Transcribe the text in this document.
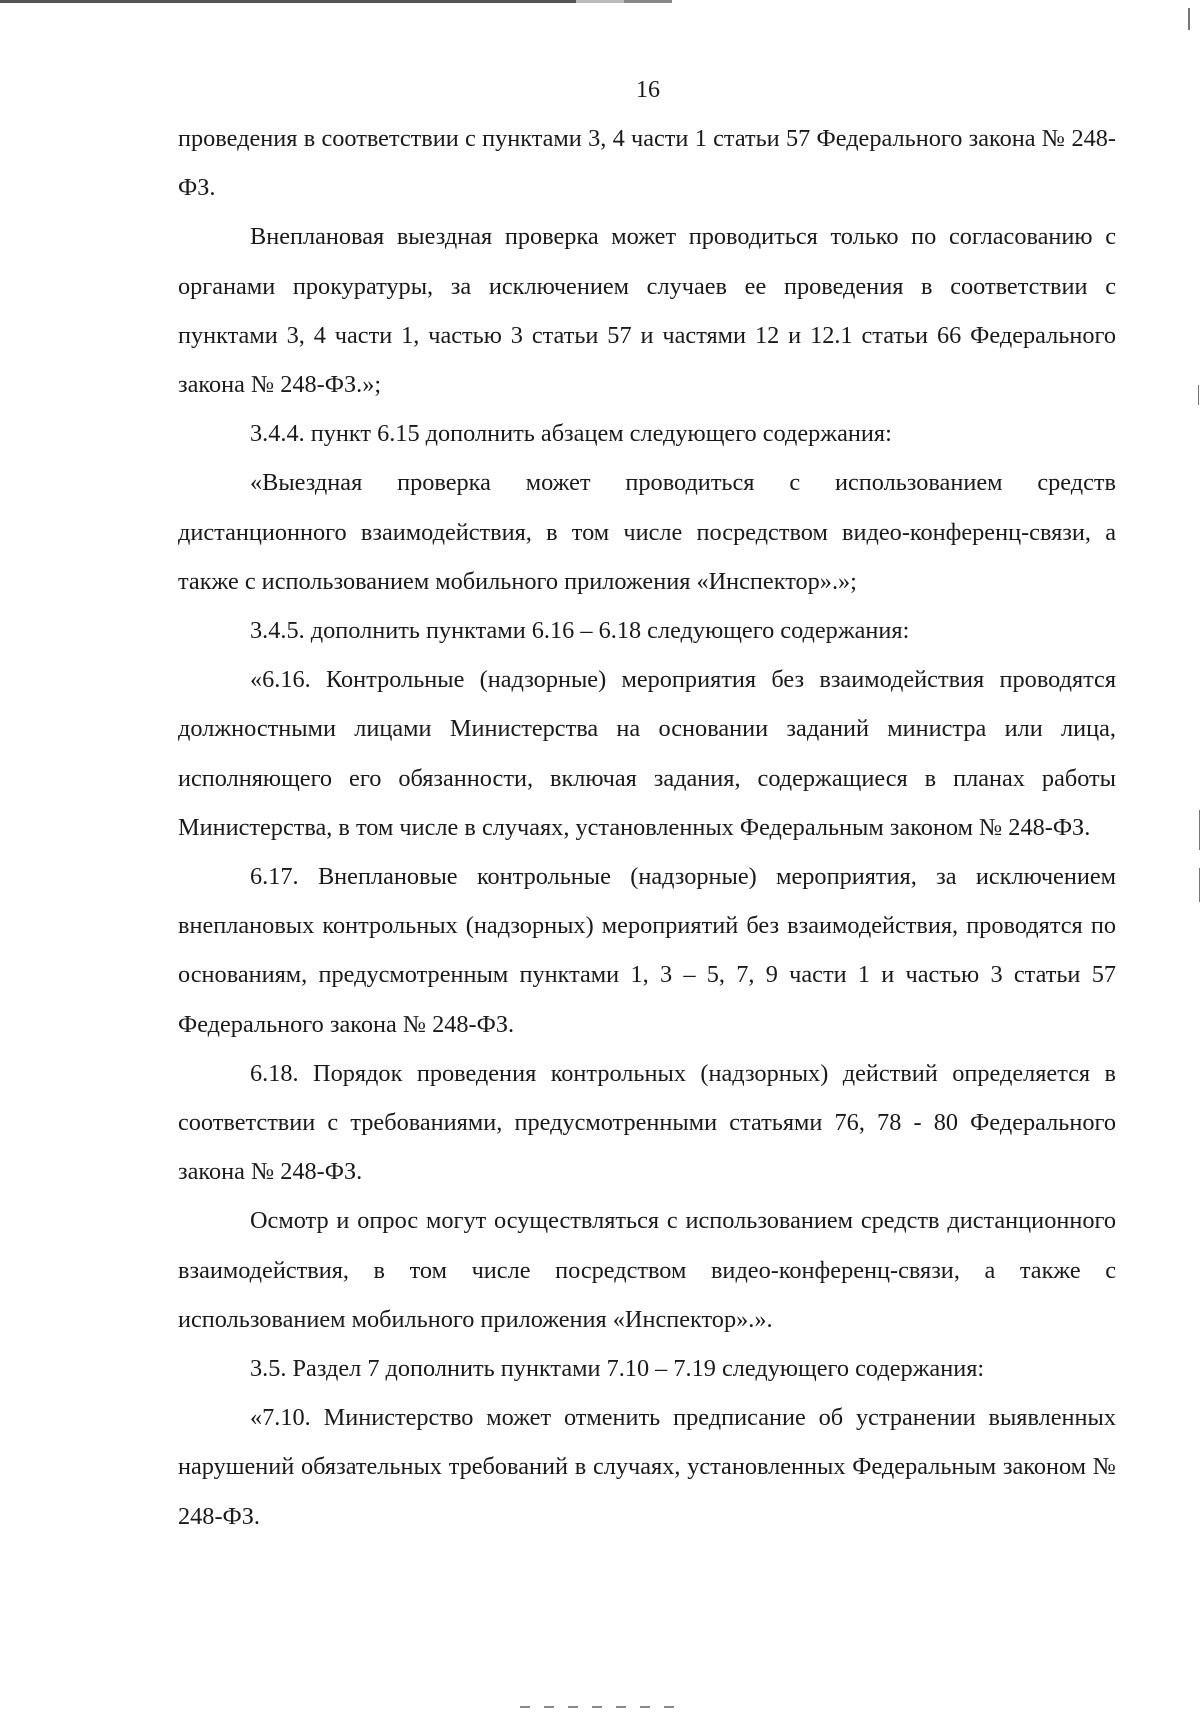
16

проведения в соответствии с пунктами 3, 4 части 1 статьи 57 Федерального закона № 248-ФЗ.

Внеплановая выездная проверка может проводиться только по согласованию с органами прокуратуры, за исключением случаев ее проведения в соответствии с пунктами 3, 4 части 1, частью 3 статьи 57 и частями 12 и 12.1 статьи 66 Федерального закона № 248-ФЗ.»;

3.4.4. пункт 6.15 дополнить абзацем следующего содержания:

«Выездная проверка может проводиться с использованием средств дистанционного взаимодействия, в том числе посредством видео-конференц-связи, а также с использованием мобильного приложения «Инспектор».»;

3.4.5. дополнить пунктами 6.16 – 6.18 следующего содержания:

«6.16. Контрольные (надзорные) мероприятия без взаимодействия проводятся должностными лицами Министерства на основании заданий министра или лица, исполняющего его обязанности, включая задания, содержащиеся в планах работы Министерства, в том числе в случаях, установленных Федеральным законом № 248-ФЗ.

6.17. Внеплановые контрольные (надзорные) мероприятия, за исключением внеплановых контрольных (надзорных) мероприятий без взаимодействия, проводятся по основаниям, предусмотренным пунктами 1, 3 – 5, 7, 9 части 1 и частью 3 статьи 57 Федерального закона № 248-ФЗ.

6.18. Порядок проведения контрольных (надзорных) действий определяется в соответствии с требованиями, предусмотренными статьями 76, 78 - 80 Федерального закона № 248-ФЗ.

Осмотр и опрос могут осуществляться с использованием средств дистанционного взаимодействия, в том числе посредством видео-конференц-связи, а также с использованием мобильного приложения «Инспектор».».

3.5. Раздел 7 дополнить пунктами 7.10 – 7.19 следующего содержания:

«7.10. Министерство может отменить предписание об устранении выявленных нарушений обязательных требований в случаях, установленных Федеральным законом № 248-ФЗ.
